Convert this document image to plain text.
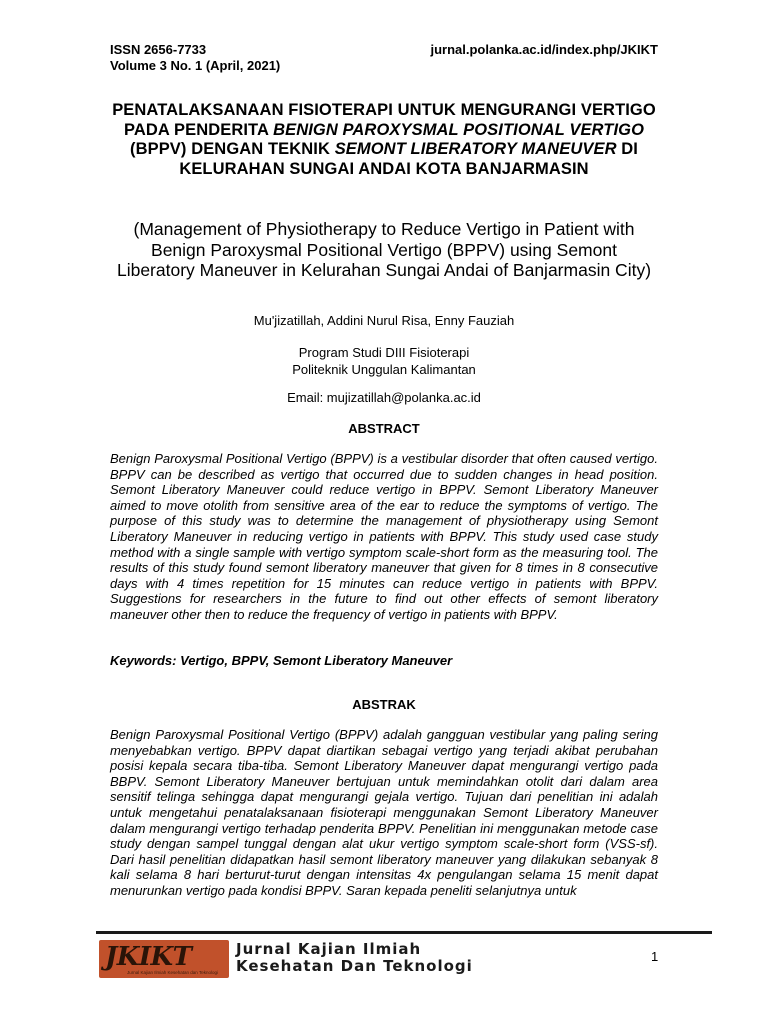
ISSN 2656-7733
Volume 3 No. 1 (April, 2021)
jurnal.polanka.ac.id/index.php/JKIKT
PENATALAKSANAAN FISIOTERAPI UNTUK MENGURANGI VERTIGO PADA PENDERITA BENIGN PAROXYSMAL POSITIONAL VERTIGO (BPPV) DENGAN TEKNIK SEMONT LIBERATORY MANEUVER DI KELURAHAN SUNGAI ANDAI KOTA BANJARMASIN
(Management of Physiotherapy to Reduce Vertigo in Patient with Benign Paroxysmal Positional Vertigo (BPPV) using Semont Liberatory Maneuver in Kelurahan Sungai Andai of Banjarmasin City)
Mu'jizatillah, Addini Nurul Risa, Enny Fauziah
Program Studi DIII Fisioterapi
Politeknik Unggulan Kalimantan
Email: mujizatillah@polanka.ac.id
ABSTRACT
Benign Paroxysmal Positional Vertigo (BPPV) is a vestibular disorder that often caused vertigo. BPPV can be described as vertigo that occurred due to sudden changes in head position. Semont Liberatory Maneuver could reduce vertigo in BPPV. Semont Liberatory Maneuver aimed to move otolith from sensitive area of the ear to reduce the symptoms of vertigo. The purpose of this study was to determine the management of physiotherapy using Semont Liberatory Maneuver in reducing vertigo in patients with BPPV. This study used case study method with a single sample with vertigo symptom scale-short form as the measuring tool. The results of this study found semont liberatory maneuver that given for 8 times in 8 consecutive days with 4 times repetition for 15 minutes can reduce vertigo in patients with BPPV. Suggestions for researchers in the future to find out other effects of semont liberatory maneuver other then to reduce the frequency of vertigo in patients with BPPV.
Keywords: Vertigo, BPPV, Semont Liberatory Maneuver
ABSTRAK
Benign Paroxysmal Positional Vertigo (BPPV) adalah gangguan vestibular yang paling sering menyebabkan vertigo. BPPV dapat diartikan sebagai vertigo yang terjadi akibat perubahan posisi kepala secara tiba-tiba. Semont Liberatory Maneuver dapat mengurangi vertigo pada BBPV. Semont Liberatory Maneuver bertujuan untuk memindahkan otolit dari dalam area sensitif telinga sehingga dapat mengurangi gejala vertigo. Tujuan dari penelitian ini adalah untuk mengetahui penatalaksanaan fisioterapi menggunakan Semont Liberatory Maneuver dalam mengurangi vertigo terhadap penderita BPPV. Penelitian ini menggunakan metode case study dengan sampel tunggal dengan alat ukur vertigo symptom scale-short form (VSS-sf). Dari hasil penelitian didapatkan hasil semont liberatory maneuver yang dilakukan sebanyak 8 kali selama 8 hari berturut-turut dengan intensitas 4x pengulangan selama 15 menit dapat menurunkan vertigo pada kondisi BPPV. Saran kepada peneliti selanjutnya untuk
JKIKT
Jurnal Kajian Ilmiah Kesehatan dan Teknologi
Jurnal Kajian Ilmiah
Kesehatan Dan Teknologi
1
